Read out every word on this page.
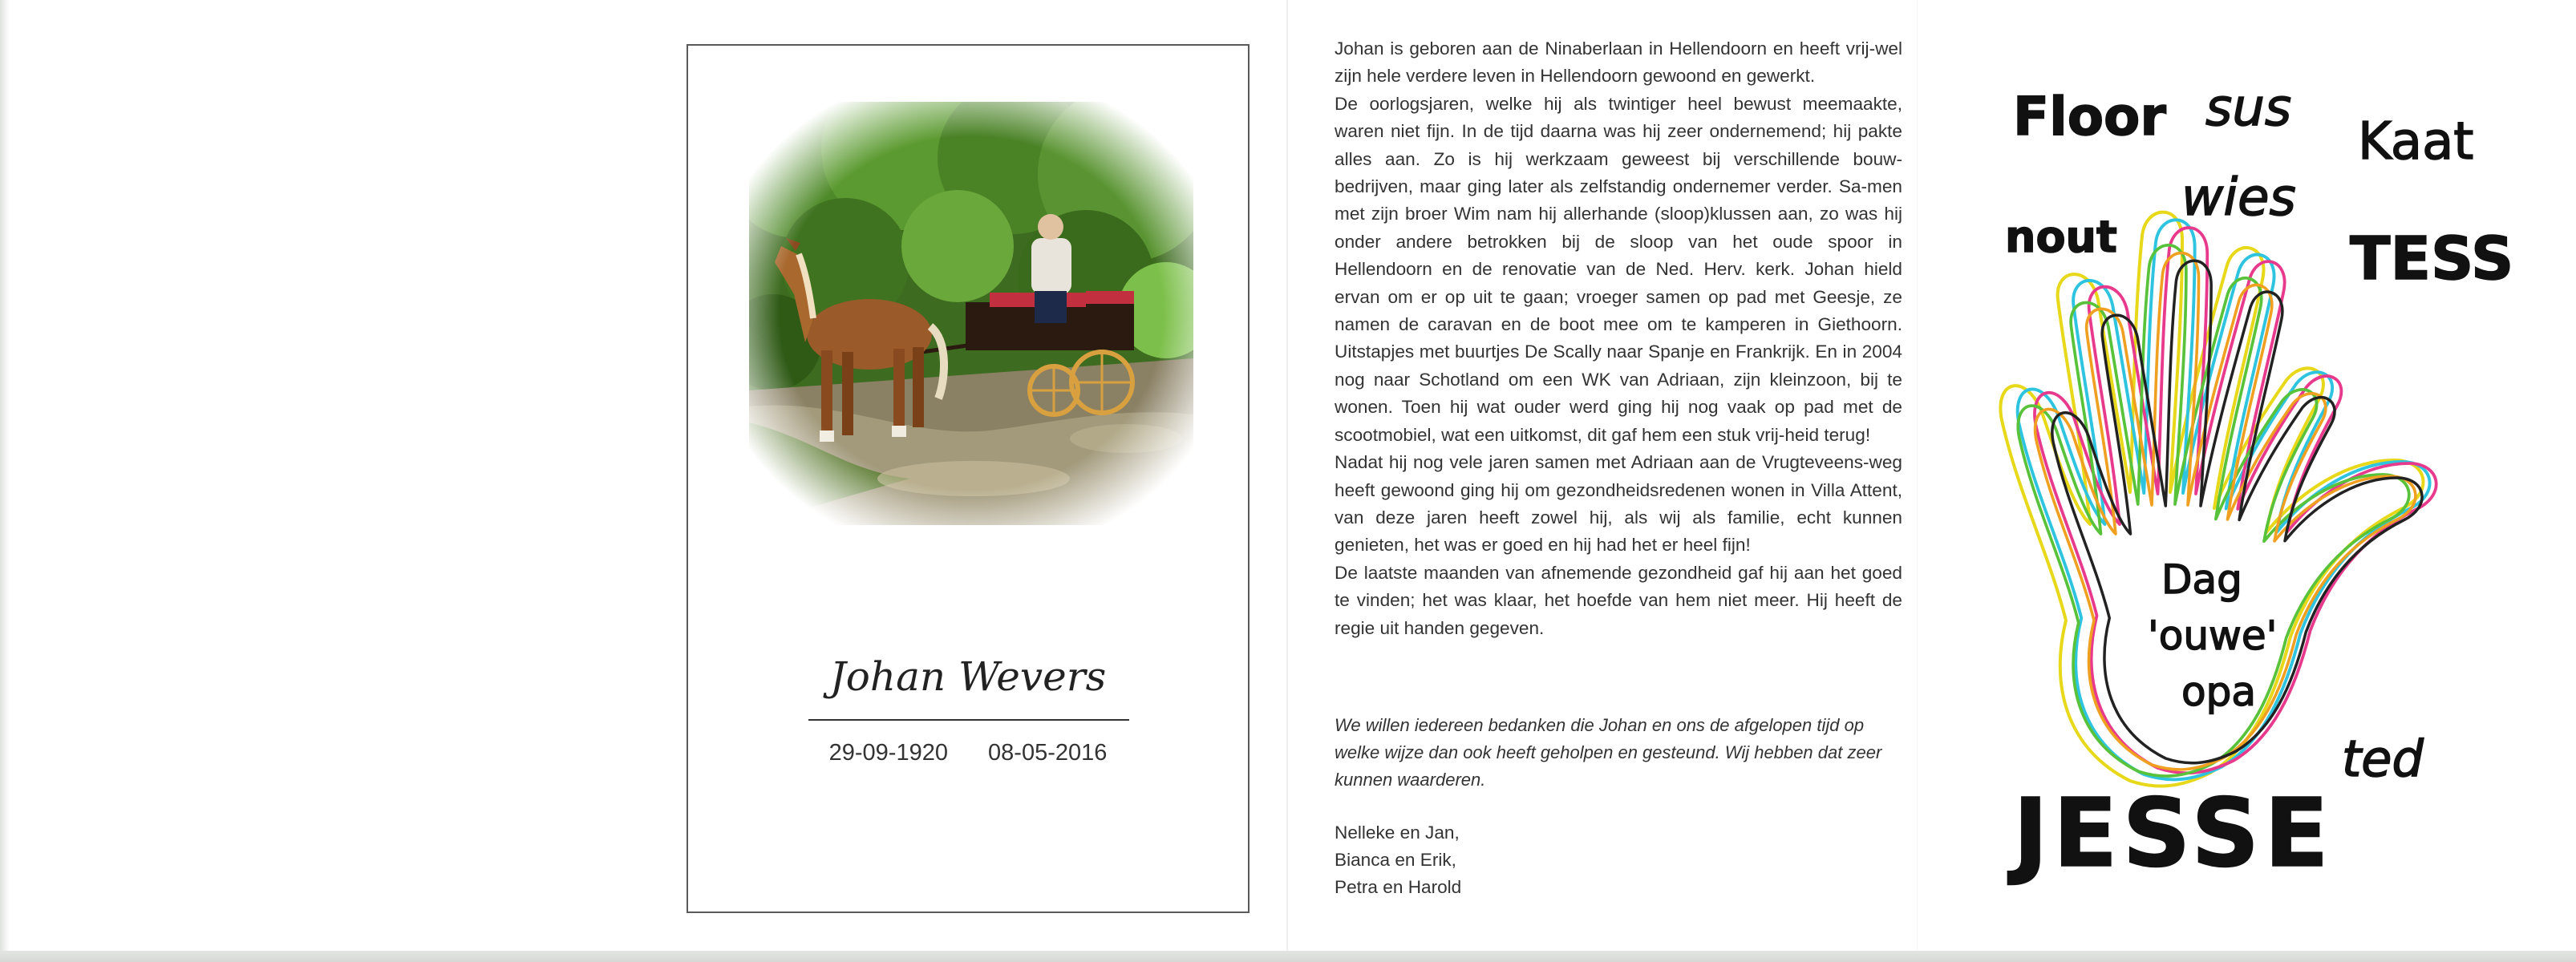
Johan Wevers
29-09-1920 08-05-2016

Johan is geboren aan de Ninaberlaan in Hellendoorn en heeft vrij-wel zijn hele verdere leven in Hellendoorn gewoond en gewerkt.

De oorlogsjaren, welke hij als twintiger heel bewust meemaakte, waren niet fijn. In de tijd daarna was hij zeer ondernemend; hij pakte alles aan. Zo is hij werkzaam geweest bij verschillende bouw-bedrijven, maar ging later als zelfstandig ondernemer verder. Sa-men met zijn broer Wim nam hij allerhande (sloop)klussen aan, zo was hij onder andere betrokken bij de sloop van het oude spoor in Hellendoorn en de renovatie van de Ned. Herv. kerk. Johan hield ervan om er op uit te gaan; vroeger samen op pad met Geesje, ze namen de caravan en de boot mee om te kamperen in Giethoorn. Uitstapjes met buurtjes De Scally naar Spanje en Frankrijk. En in 2004 nog naar Schotland om een WK van Adriaan, zijn kleinzoon, bij te wonen. Toen hij wat ouder werd ging hij nog vaak op pad met de scootmobiel, wat een uitkomst, dit gaf hem een stuk vrij-heid terug!

Nadat hij nog vele jaren samen met Adriaan aan de Vrugteveens-weg heeft gewoond ging hij om gezondheidsredenen wonen in Villa Attent, van deze jaren heeft zowel hij, als wij als familie, echt kunnen genieten, het was er goed en hij had het er heel fijn!

De laatste maanden van afnemende gezondheid gaf hij aan het goed te vinden; het was klaar, het hoefde van hem niet meer. Hij heeft de regie uit handen gegeven.

We willen iedereen bedanken die Johan en ons de afgelopen tijd op welke wijze dan ook heeft geholpen en gesteund. Wij hebben dat zeer kunnen waarderen.
Nelleke en Jan,
Bianca en Erik,
Petra en Harold
Floor sus
Kaat
wies
nout	TESS
Dag
'ouwe'
opa
ted
JESSE
